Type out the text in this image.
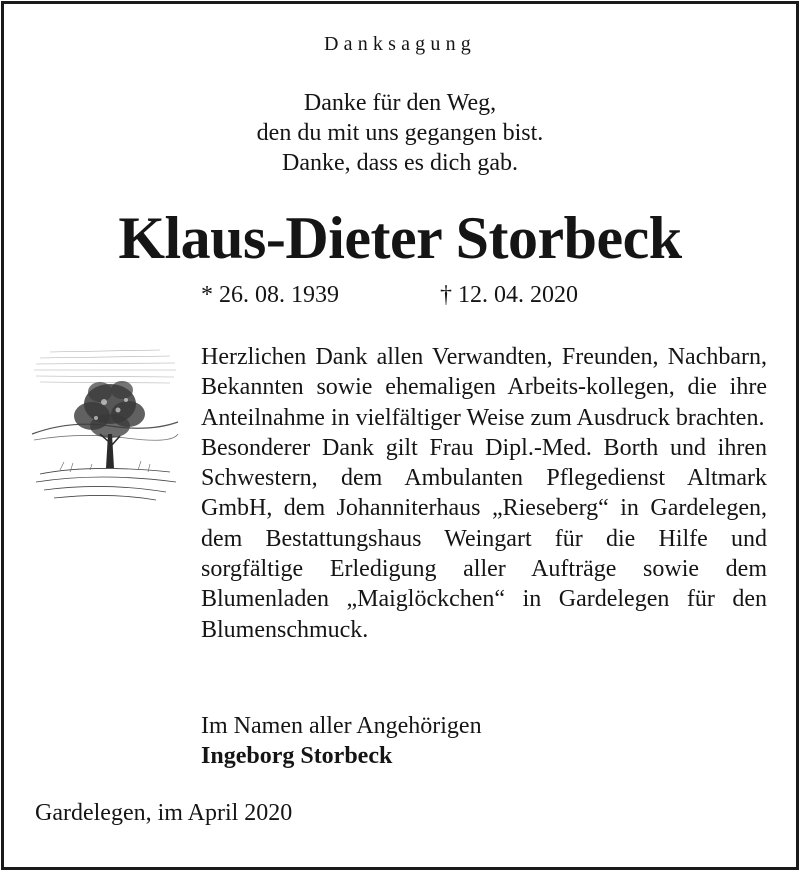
Danksagung
Danke für den Weg,
den du mit uns gegangen bist.
Danke, dass es dich gab.
Klaus-Dieter Storbeck
* 26. 08. 1939	† 12. 04. 2020

Herzlichen Dank allen Verwandten, Freunden, Nachbarn, Bekannten sowie ehemaligen Arbeits-kollegen, die ihre Anteilnahme in vielfältiger Weise zum Ausdruck brachten.

Besonderer Dank gilt Frau Dipl.-Med. Borth und ihren Schwestern, dem Ambulanten Pflegedienst Altmark GmbH, dem Johanniterhaus „Rieseberg“ in Gardelegen, dem Bestattungshaus Weingart für die Hilfe und sorgfältige Erledigung aller Aufträge sowie dem Blumenladen „Maiglöckchen“ in Gardelegen für den Blumenschmuck.

Im Namen aller Angehörigen
Ingeborg Storbeck
Gardelegen, im April 2020
